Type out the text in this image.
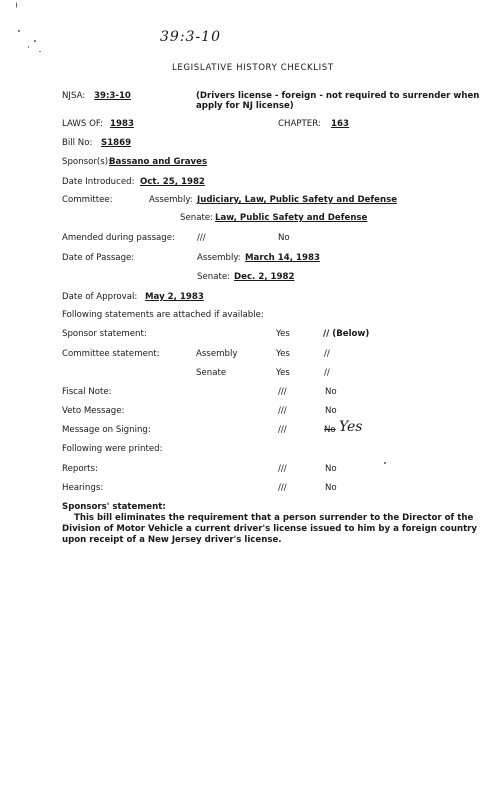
39:3-10
LEGISLATIVE HISTORY CHECKLIST
NJSA: 39:3-10	(Drivers license - foreign - not required to surrender when
apply for NJ license)
LAWS OF: 1983	CHAPTER: 163
Bill No: S1869
Sponsor(s):
Bassano and Graves
Date Introduced: Oct. 25, 1982
Committee:	Assembly: Judiciary, Law, Public Safety and Defense
Senate: Law, Public Safety and Defense
Amended during passage:	///	No
Date of Passage:	Assembly: March 14, 1983
Senate: Dec. 2, 1982
Date of Approval: May 2, 1983
Following statements are attached if available:
Sponsor statement:	Yes	// (Below)
Committee statement:	Assembly	Yes	//
Senate	Yes	//
Fiscal Note:	///	No
Veto Message:	///	No
Message on Signing:	///	No Yes
Following were printed:
Reports:	///	No
Hearings:	///	No
Sponsors' statement:
This bill eliminates the requirement that a person surrender to the Director of the
Division of Motor Vehicle a current driver's license issued to him by a foreign country
upon receipt of a New Jersey driver's license.
